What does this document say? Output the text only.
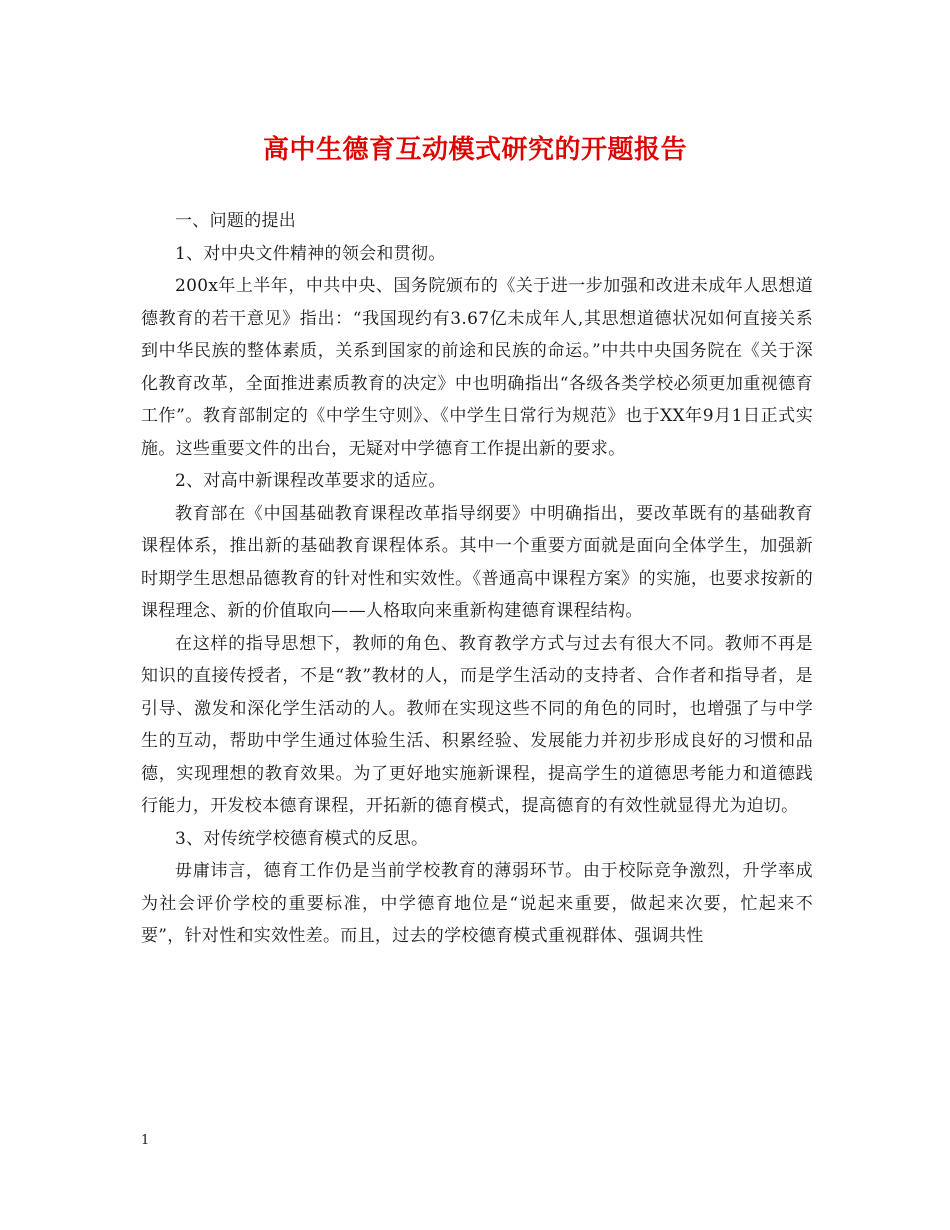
高中生德育互动模式研究的开题报告

一、问题的提出

1、对中央文件精神的领会和贯彻。

200x年上半年，中共中央、国务院颁布的《关于进一步加强和改进未成年人思想道德教育的若干意见》指出：“我国现约有3.67亿未成年人,其思想道德状况如何直接关系到中华民族的整体素质，关系到国家的前途和民族的命运。”中共中央国务院在《关于深化教育改革，全面推进素质教育的决定》中也明确指出“各级各类学校必须更加重视德育工作”。教育部制定的《中学生守则》、《中学生日常行为规范》也于XX年9月1日正式实施。这些重要文件的出台，无疑对中学德育工作提出新的要求。

2、对高中新课程改革要求的适应。

教育部在《中国基础教育课程改革指导纲要》中明确指出，要改革既有的基础教育课程体系，推出新的基础教育课程体系。其中一个重要方面就是面向全体学生，加强新时期学生思想品德教育的针对性和实效性。《普通高中课程方案》的实施，也要求按新的课程理念、新的价值取向——人格取向来重新构建德育课程结构。

在这样的指导思想下，教师的角色、教育教学方式与过去有很大不同。教师不再是知识的直接传授者，不是“教”教材的人，而是学生活动的支持者、合作者和指导者，是引导、激发和深化学生活动的人。教师在实现这些不同的角色的同时，也增强了与中学生的互动，帮助中学生通过体验生活、积累经验、发展能力并初步形成良好的习惯和品德，实现理想的教育效果。为了更好地实施新课程，提高学生的道德思考能力和道德践行能力，开发校本德育课程，开拓新的德育模式，提高德育的有效性就显得尤为迫切。

3、对传统学校德育模式的反思。

毋庸讳言，德育工作仍是当前学校教育的薄弱环节。由于校际竞争激烈，升学率成为社会评价学校的重要标准，中学德育地位是“说起来重要，做起来次要，忙起来不要”，针对性和实效性差。而且，过去的学校德育模式重视群体、强调共性

1
